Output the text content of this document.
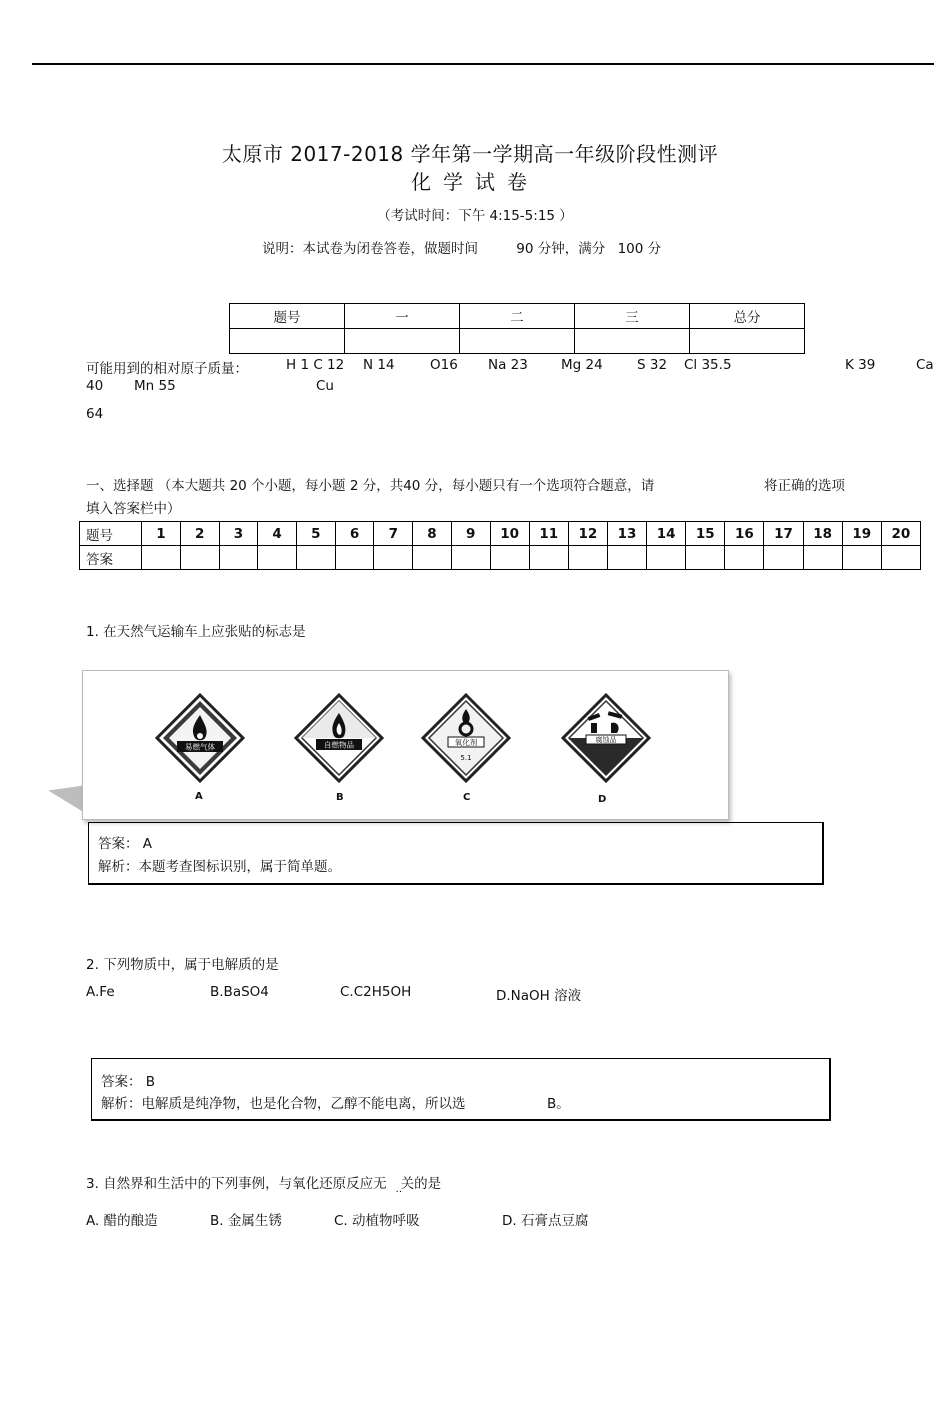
太原市 2017-2018 学年第一学期高一年级阶段性测评
化学试卷
（考试时间：下午 4:15-5:15 ）
说明：本试卷为闭卷答卷，做题时间	90 分钟，满分 100 分
题号	一	二	三	总分

可能用到的相对原子质量：	H 1 C 12 N 14	O16 Na 23 Mg 24	S 32 Cl 35.5	K 39	Ca
40 Mn 55	Cu
64
一、选择题 （本大题共 20 个小题，每小题 2 分，共40 分，每小题只有一个选项符合题意，请	将正确的选项
填入答案栏中）
题号	1	2	3	4	5	6	7	8	9	10	11	12	13	14	15	16	17	18	19	20
答案																				
1. 在天然气运输车上应张贴的标志是
易燃气体
A
自燃物品
B
氧化剂
5.1
C
腐蚀品
D
答案： A
解析：本题考查图标识别，属于简单题。
2. 下列物质中，属于电解质的是
A.Fe	B.BaSO4	C.C2H5OH	D.NaOH 溶液
答案： B
解析：电解质是纯净物，也是化合物，乙醇不能电离，所以选	B。
3. 自然界和生活中的下列事例，与氧化还原反应无 关
··
的是
A. 醋的酿造	B. 金属生锈	C. 动植物呼吸	D. 石膏点豆腐
